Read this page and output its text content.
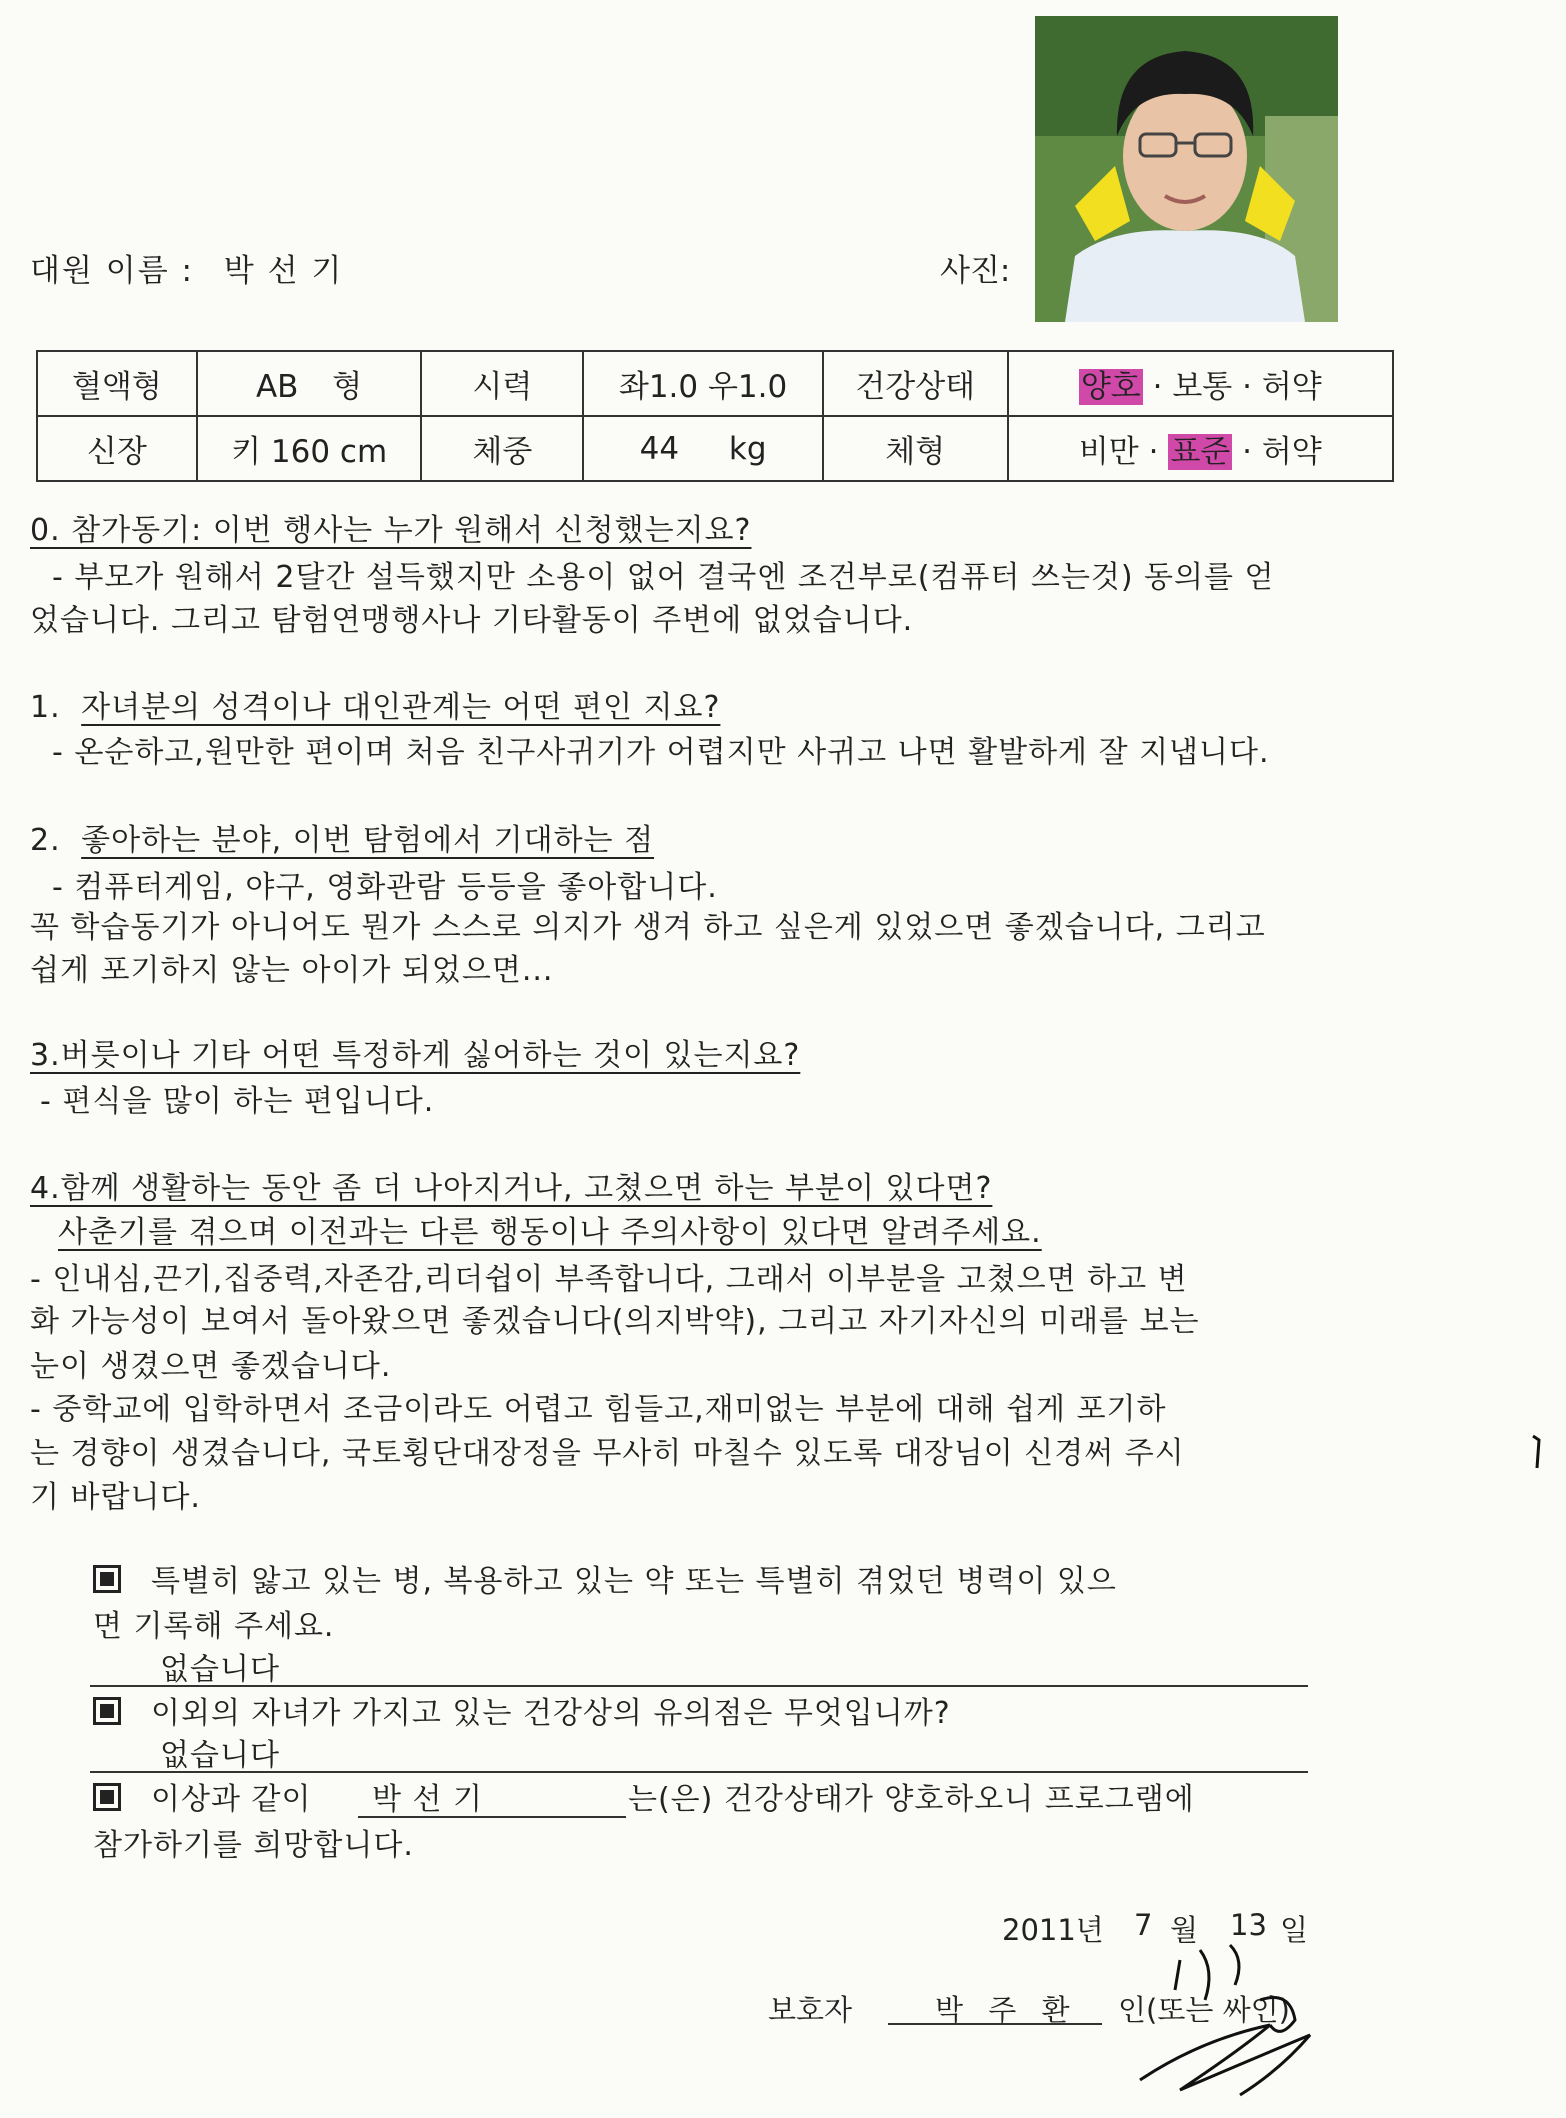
대원 이름 : 박 선 기	사진:
혈액형	AB 형	시력	좌1.0 우1.0	건강상태	양호 · 보통 · 허약
신장	키 160 cm	체중	44 kg	체형	비만 · 표준 · 허약
0. 참가동기: 이번 행사는 누가 원해서 신청했는지요?
- 부모가 원해서 2달간 설득했지만 소용이 없어 결국엔 조건부로(컴퓨터 쓰는것) 동의를 얻
었습니다. 그리고 탐험연맹행사나 기타활동이 주변에 없었습니다.
1. 자녀분의 성격이나 대인관계는 어떤 편인 지요?
- 온순하고,원만한 편이며 처음 친구사귀기가 어렵지만 사귀고 나면 활발하게 잘 지냅니다.
2. 좋아하는 분야, 이번 탐험에서 기대하는 점
- 컴퓨터게임, 야구, 영화관람 등등을 좋아합니다.
꼭 학습동기가 아니어도 뭔가 스스로 의지가 생겨 하고 싶은게 있었으면 좋겠습니다, 그리고
쉽게 포기하지 않는 아이가 되었으면...
3.버릇이나 기타 어떤 특정하게 싫어하는 것이 있는지요?
- 편식을 많이 하는 편입니다.
4.함께 생활하는 동안 좀 더 나아지거나, 고쳤으면 하는 부분이 있다면?
사춘기를 겪으며 이전과는 다른 행동이나 주의사항이 있다면 알려주세요.
- 인내심,끈기,집중력,자존감,리더쉽이 부족합니다, 그래서 이부분을 고쳤으면 하고 변
화 가능성이 보여서 돌아왔으면 좋겠습니다(의지박약), 그리고 자기자신의 미래를 보는
눈이 생겼으면 좋겠습니다.
- 중학교에 입학하면서 조금이라도 어렵고 힘들고,재미없는 부분에 대해 쉽게 포기하
는 경향이 생겼습니다, 국토횡단대장정을 무사히 마칠수 있도록 대장님이 신경써 주시
기 바랍니다.
특별히 앓고 있는 병, 복용하고 있는 약 또는 특별히 겪었던 병력이 있으
면 기록해 주세요.
없습니다
이외의 자녀가 가지고 있는 건강상의 유의점은 무엇입니까?
없습니다
이상과 같이 박 선 기	는(은) 건강상태가 양호하오니 프로그램에
참가하기를 희망합니다.
2011년 7 월 13 일
보호자	박 주 환 인(또는 싸인)
